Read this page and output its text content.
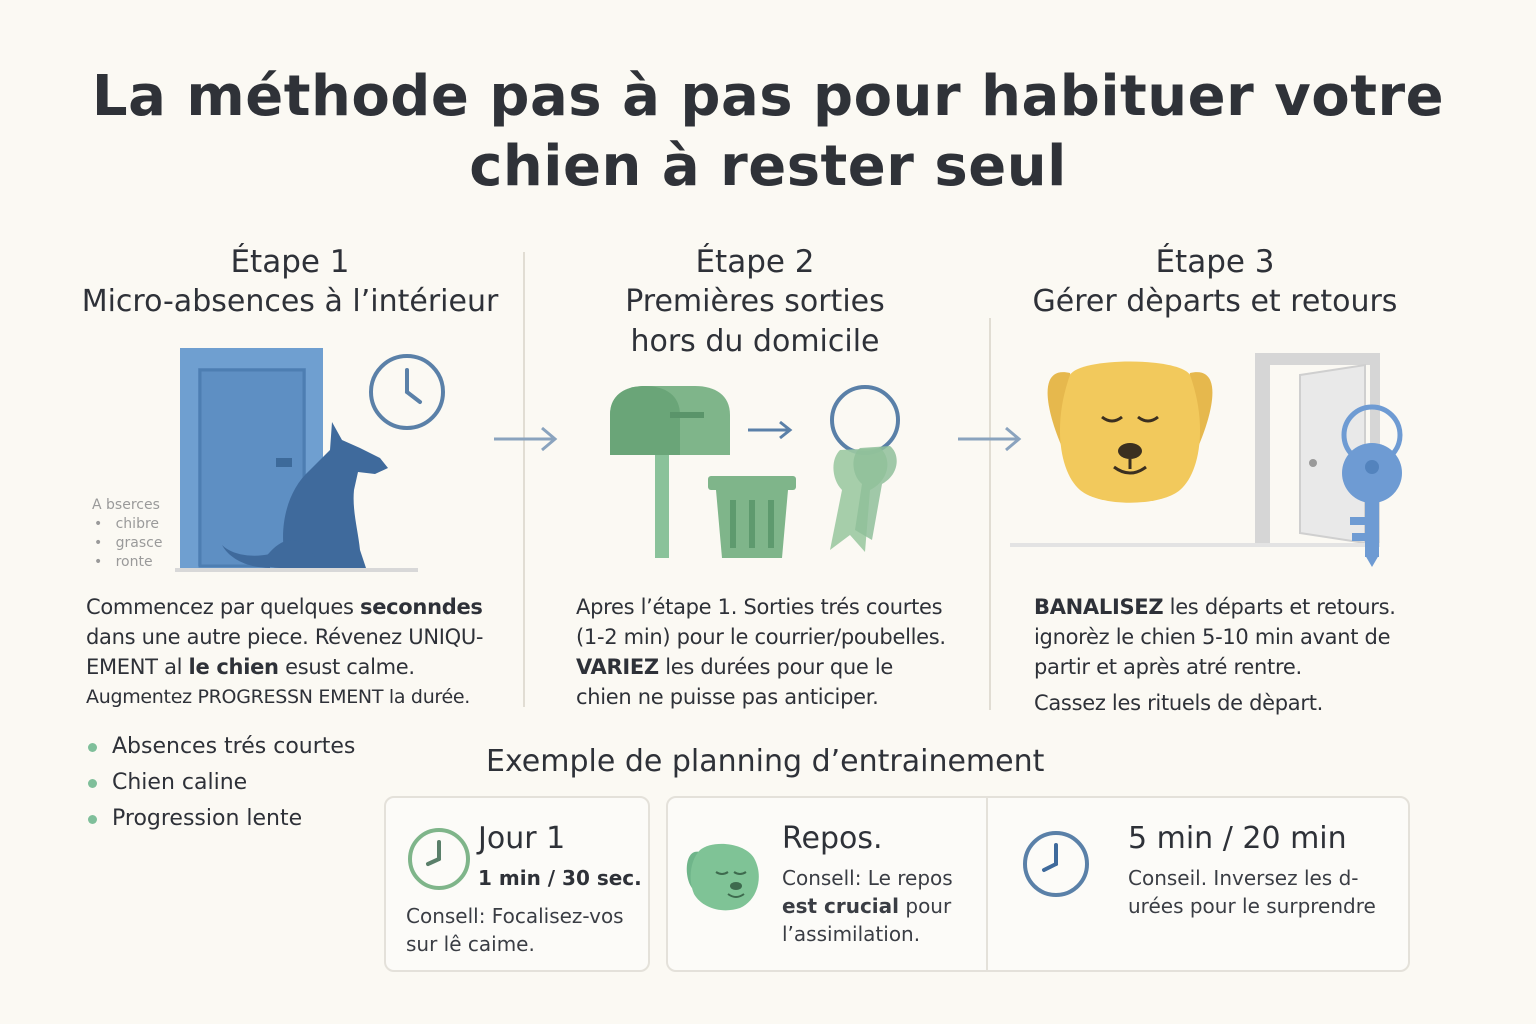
La méthode pas à pas pour habituer votre
chien à rester seul
Étape 1
Micro-absences à l’intérieur
Étape 2
Premières sorties
hors du domicile
Étape 3
Gérer dèparts et retours
A bserces
•   chibre
•   grasce
•   ronte
Commencez par quelques seconndes
dans une autre piece. Révenez UNIQU-
EMENT al le chien esust calme.
Augmentez PROGRESSN EMENT la durée.
Apres l’étape 1. Sorties trés courtes
(1-2 min) pour le courrier/poubelles.
VARIEZ les durées pour que le
chien ne puisse pas anticiper.
BANALISEZ les départs et retours.
ignorèz le chien 5-10 min avant de
partir et après atré rentre.
Cassez les rituels de dèpart.
Absences trés courtes
Chien caline
Progression lente
Exemple de planning d’entrainement
Jour 1
1 min / 30 sec.
Consell: Focalisez-vos
sur lê caime.
Repos.
Consell: Le repos
est crucial pour
l’assimilation.
5 min / 20 min
Conseil. Inversez les d-
urées pour le surprendre
